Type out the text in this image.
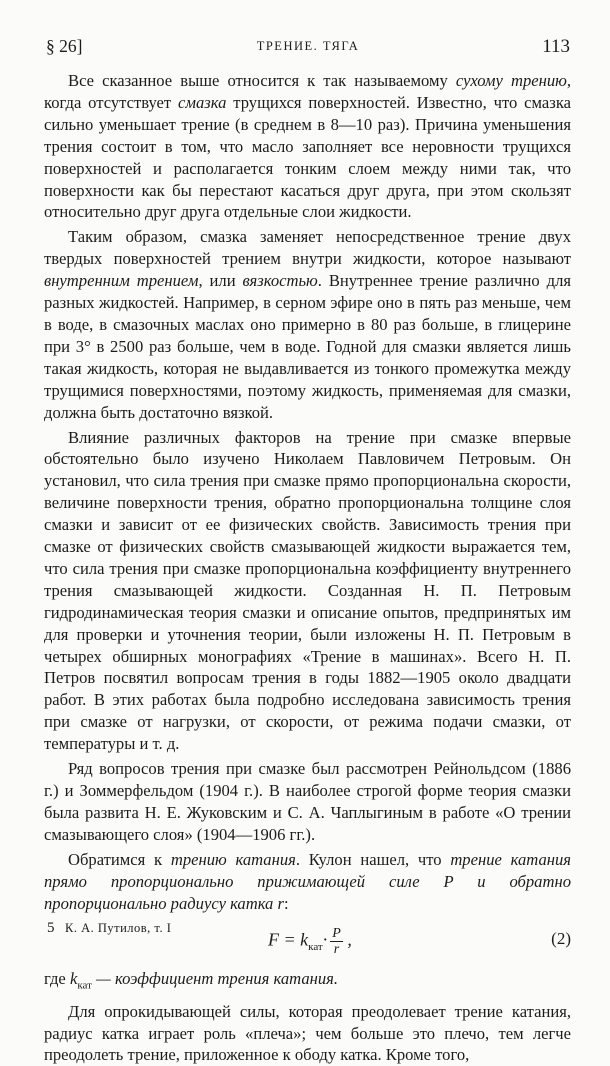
§ 26]	ТРЕНИЕ. ТЯГА	113

Все сказанное выше относится к так называемому сухому трению, когда отсутствует смазка трущихся поверхностей. Известно, что смазка сильно уменьшает трение (в среднем в 8—10 раз). Причина уменьшения трения состоит в том, что масло заполняет все неровности трущихся поверхностей и располагается тонким слоем между ними так, что поверхности как бы перестают касаться друг друга, при этом скользят относительно друг друга отдельные слои жидкости.

Таким образом, смазка заменяет непосредственное трение двух твердых поверхностей трением внутри жидкости, которое называют внутренним трением, или вязкостью. Внутреннее трение различно для разных жидкостей. Например, в серном эфире оно в пять раз меньше, чем в воде, в смазочных маслах оно примерно в 80 раз больше, в глицерине при 3° в 2500 раз больше, чем в воде. Годной для смазки является лишь такая жидкость, которая не выдавливается из тонкого промежутка между трущимися поверхностями, поэтому жидкость, применяемая для смазки, должна быть достаточно вязкой.

Влияние различных факторов на трение при смазке впервые обстоятельно было изучено Николаем Павловичем Петровым. Он установил, что сила трения при смазке прямо пропорциональна скорости, величине поверхности трения, обратно пропорциональна толщине слоя смазки и зависит от ее физических свойств. Зависимость трения при смазке от физических свойств смазывающей жидкости выражается тем, что сила трения при смазке пропорциональна коэффициенту внутреннего трения смазывающей жидкости. Созданная Н. П. Петровым гидродинамическая теория смазки и описание опытов, предпринятых им для проверки и уточнения теории, были изложены Н. П. Петровым в четырех обширных монографиях «Трение в машинах». Всего Н. П. Петров посвятил вопросам трения в годы 1882—1905 около двадцати работ. В этих работах была подробно исследована зависимость трения при смазке от нагрузки, от скорости, от режима подачи смазки, от температуры и т. д.

Ряд вопросов трения при смазке был рассмотрен Рейнольдсом (1886 г.) и Зоммерфельдом (1904 г.). В наиболее строгой форме теория смазки была развита Н. Е. Жуковским и С. А. Чаплыгиным в работе «О трении смазывающего слоя» (1904—1906 гг.).

Обратимся к трению катания. Кулон нашел, что трение катания прямо пропорционально прижимающей силе P и обратно пропорционально радиусу катка r:

$F = k_{кат}\cdot \frac{P}{r}$ ,	(2)

где $k_{кат}$ — коэффициент трения катания.

Для опрокидывающей силы, которая преодолевает трение катания, радиус катка играет роль «плеча»; чем больше это плечо, тем легче преодолеть трение, приложенное к ободу катка. Кроме того,

5 К. А. Путилов, т. I
